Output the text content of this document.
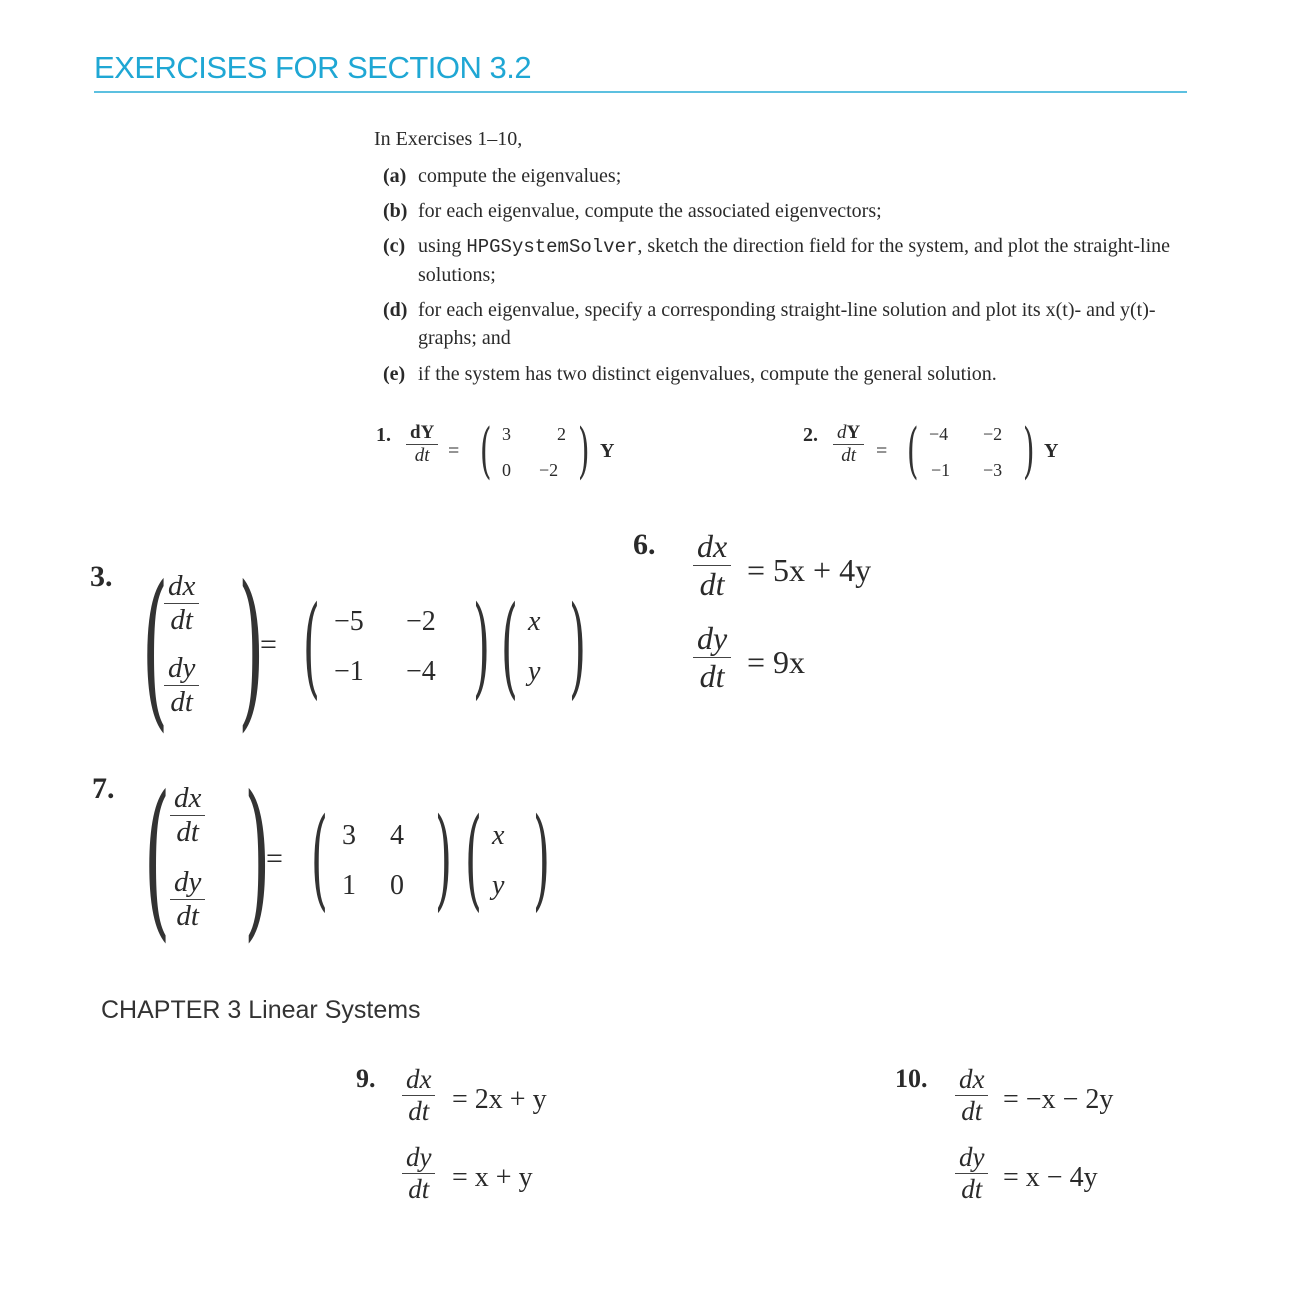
EXERCISES FOR SECTION 3.2
In Exercises 1–10,
(a) compute the eigenvalues;
(b) for each eigenvalue, compute the associated eigenvectors;
(c) using HPGSystemSolver, sketch the direction field for the system, and plot the straight-line solutions;
(d) for each eigenvalue, specify a corresponding straight-line solution and plot its x(t)- and y(t)-graphs; and
(e) if the system has two distinct eigenvalues, compute the general solution.
1. $\frac{dY}{dt}$ = ( 3	2
0 −2 ) Y
2. $\frac{dY}{dt}$ = ( −4 −2
−1 −3 ) Y
3. (
$\frac{dx}{dt}$
$\frac{dy}{dt}$ )
= ( −5 −2
−1 −4 ) ( x
y )
6. $\frac{dx}{dt} = 5x + 4y$
$\frac{dy}{dt} = 9x$
7. ( $\frac{dx}{dt}$
$\frac{dy}{dt}$ )
= ( 3 4
1 0 ) ( x
y )
CHAPTER 3 Linear Systems
9. $\frac{dx}{dt} = 2x + y$
$\frac{dy}{dt} = x + y$
10. $\frac{dx}{dt} = -x - 2y$
$\frac{dy}{dt} = x - 4y$
